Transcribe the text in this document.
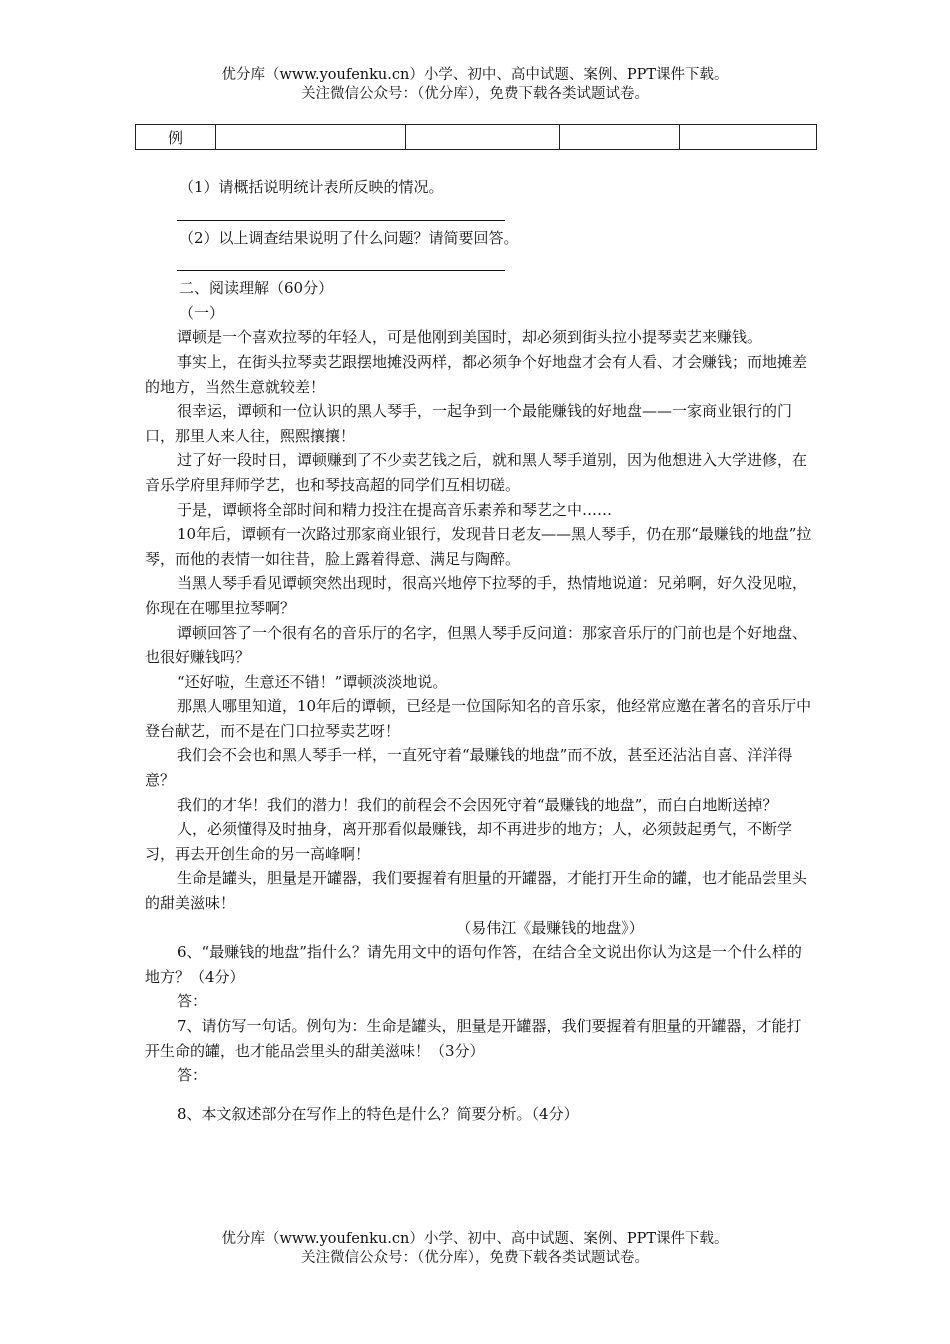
优分库（www.youfenku.cn）小学、初中、高中试题、案例、PPT课件下载。
关注微信公众号：（优分库），免费下载各类试题试卷。
例				

（1）请概括说明统计表所反映的情况。

（2）以上调查结果说明了什么问题？请简要回答。

二、阅读理解（60分）

（一）

谭顿是一个喜欢拉琴的年轻人，可是他刚到美国时，却必须到街头拉小提琴卖艺来赚钱。

事实上，在街头拉琴卖艺跟摆地摊没两样，都必须争个好地盘才会有人看、才会赚钱；而地摊差的地方，当然生意就较差！

很幸运，谭顿和一位认识的黑人琴手，一起争到一个最能赚钱的好地盘——一家商业银行的门口，那里人来人往，熙熙攘攘！

过了好一段时日，谭顿赚到了不少卖艺钱之后，就和黑人琴手道别，因为他想进入大学进修，在音乐学府里拜师学艺，也和琴技高超的同学们互相切磋。

于是，谭顿将全部时间和精力投注在提高音乐素养和琴艺之中……

10年后，谭顿有一次路过那家商业银行，发现昔日老友——黑人琴手，仍在那“最赚钱的地盘”拉琴，而他的表情一如往昔，脸上露着得意、满足与陶醉。

当黑人琴手看见谭顿突然出现时，很高兴地停下拉琴的手，热情地说道：兄弟啊，好久没见啦，你现在在哪里拉琴啊？

谭顿回答了一个很有名的音乐厅的名字，但黑人琴手反问道：那家音乐厅的门前也是个好地盘、也很好赚钱吗？

“还好啦，生意还不错！”谭顿淡淡地说。

那黑人哪里知道，10年后的谭顿，已经是一位国际知名的音乐家，他经常应邀在著名的音乐厅中登台献艺，而不是在门口拉琴卖艺呀！

我们会不会也和黑人琴手一样，一直死守着“最赚钱的地盘”而不放，甚至还沾沾自喜、洋洋得意？

我们的才华！我们的潜力！我们的前程会不会因死守着“最赚钱的地盘”，而白白地断送掉？

人，必须懂得及时抽身，离开那看似最赚钱，却不再进步的地方；人，必须鼓起勇气，不断学习，再去开创生命的另一高峰啊！

生命是罐头，胆量是开罐器，我们要握着有胆量的开罐器，才能打开生命的罐，也才能品尝里头的甜美滋味！

（易伟江《最赚钱的地盘》）

6、“最赚钱的地盘”指什么？请先用文中的语句作答，在结合全文说出你认为这是一个什么样的地方？（4分）

答：

7、请仿写一句话。例句为：生命是罐头，胆量是开罐器，我们要握着有胆量的开罐器，才能打开生命的罐，也才能品尝里头的甜美滋味！（3分）

答：

8、本文叙述部分在写作上的特色是什么？简要分析。（4分）

优分库（www.youfenku.cn）小学、初中、高中试题、案例、PPT课件下载。
关注微信公众号：（优分库），免费下载各类试题试卷。
